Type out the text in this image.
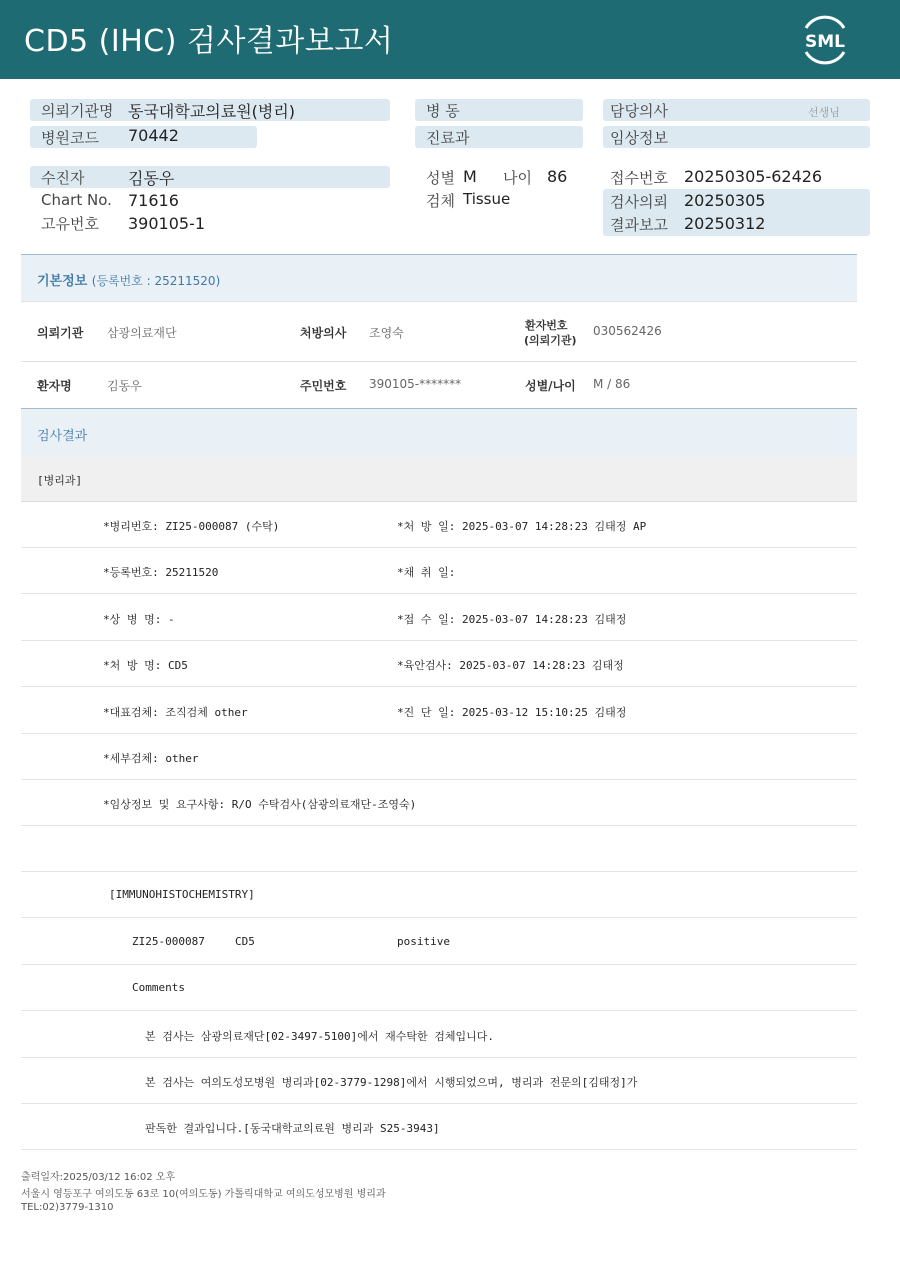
CD5 (IHC) 검사결과보고서	SML
의뢰기관명 동국대학교의료원(병리)
병원코드 70442
병 동
진료과
담당의사	선생님
임상정보
수진자	김동우
Chart No. 71616
고유번호 390105-1
성별 M 나이 86
검체 Tissue
접수번호 20250305-62426
검사의뢰 20250305
결과보고 20250312
기본정보 (등록번호 : 25211520)
의뢰기관 삼광의료재단	처방의사 조영숙
환자번호
(의뢰기관)
030562426
환자명	김동우	주민번호 390105-*******	성별/나이 M / 86
검사결과
[병리과]
*병리번호: ZI25-000087 (수탁)	*처 방 일: 2025-03-07 14:28:23 김태정 AP
*등록번호: 25211520	*채 취 일:
*상 병 명: -	*접 수 일: 2025-03-07 14:28:23 김태정
*처 방 명: CD5	*육안검사: 2025-03-07 14:28:23 김태정
*대표검체: 조직검체 other	*진 단 일: 2025-03-12 15:10:25 김태정
*세부검체: other
*임상정보 및 요구사항: R/O 수탁검사(삼광의료재단-조영숙)
[IMMUNOHISTOCHEMISTRY]
ZI25-000087	CD5	positive
Comments
본 검사는 삼광의료재단[02-3497-5100]에서 재수탁한 검체입니다.
본 검사는 여의도성모병원 병리과[02-3779-1298]에서 시행되었으며, 병리과 전문의[김태정]가
판독한 결과입니다.[동국대학교의료원 병리과 S25-3943]
출력일자:2025/03/12 16:02 오후
서울시 영등포구 여의도동 63로 10(여의도동) 가톨릭대학교 여의도성모병원 병리과
TEL:02)3779-1310
